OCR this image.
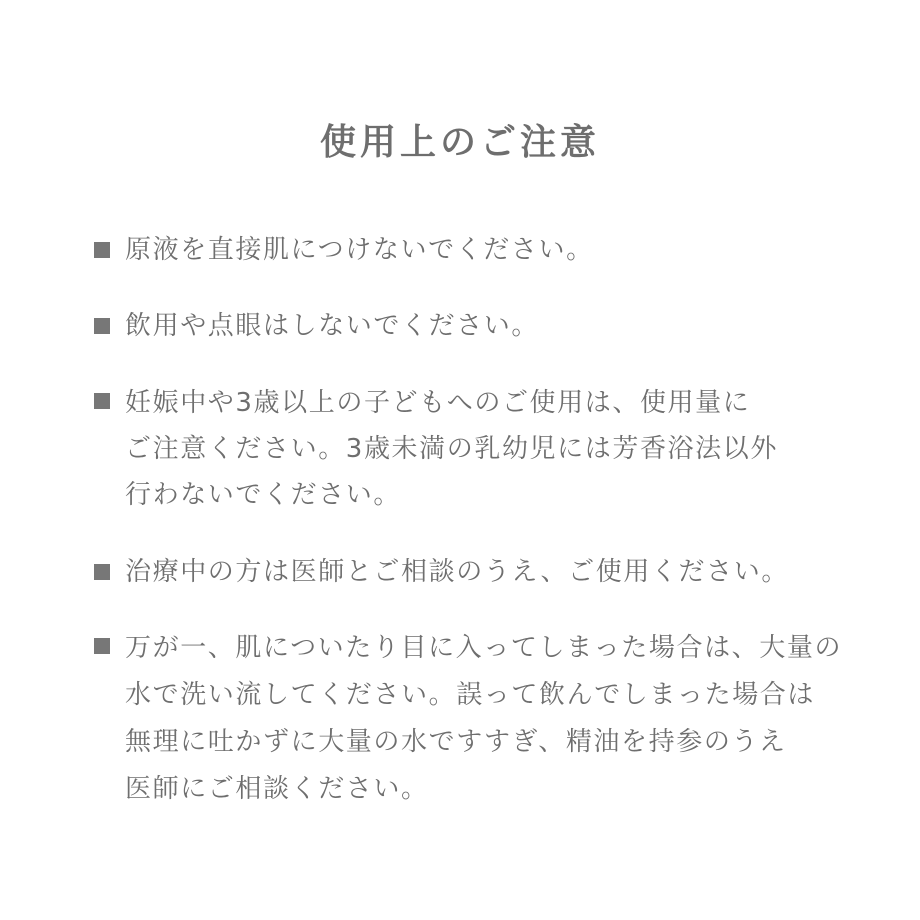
使用上のご注意
原液を直接肌につけないでください。
飲用や点眼はしないでください。
妊娠中や3歳以上の子どもへのご使用は、使用量に
ご注意ください。3歳未満の乳幼児には芳香浴法以外
行わないでください。
治療中の方は医師とご相談のうえ、ご使用ください。
万が一、肌についたり目に入ってしまった場合は、大量の
水で洗い流してください。誤って飲んでしまった場合は
無理に吐かずに大量の水ですすぎ、精油を持参のうえ
医師にご相談ください。
